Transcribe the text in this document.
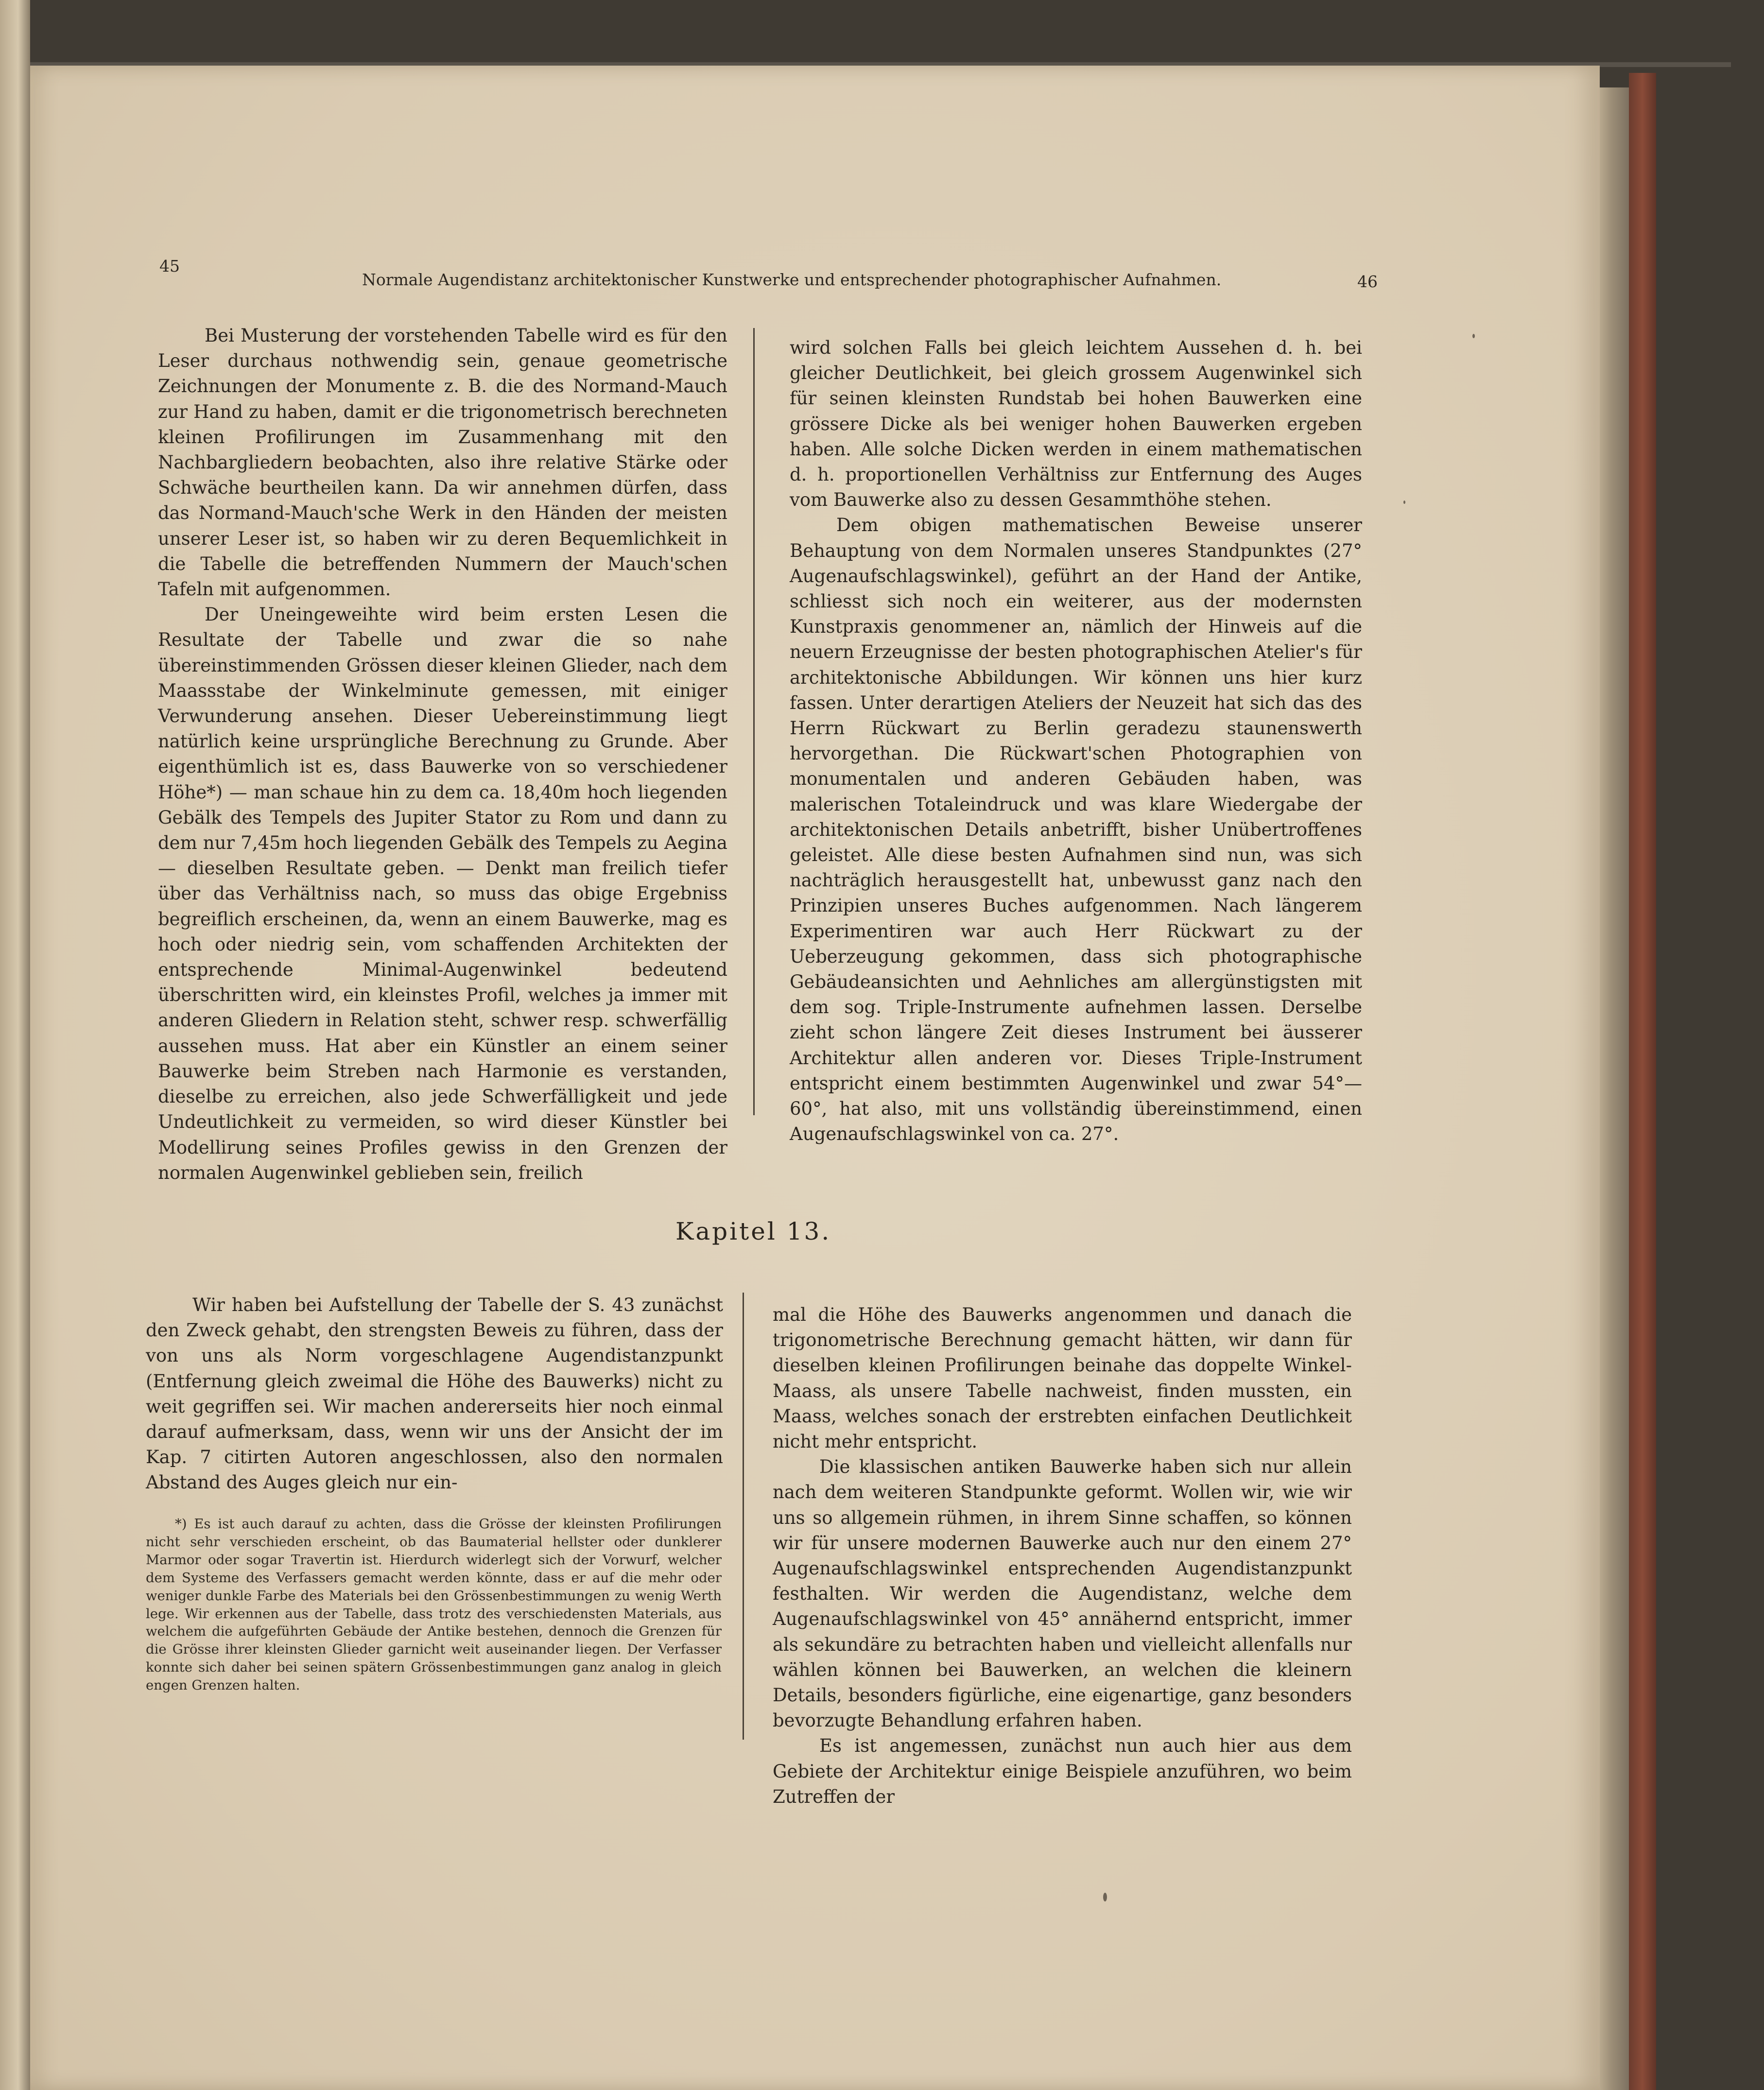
45
Normale Augendistanz architektonischer Kunstwerke und entsprechender photographischer Aufnahmen.	46

Bei Musterung der vorstehenden Tabelle wird es für den Leser durchaus nothwendig sein, genaue geometrische Zeichnungen der Monumente z. B. die des Normand-Mauch zur Hand zu haben, damit er die trigonometrisch berechneten kleinen Profilirungen im Zusammenhang mit den Nachbargliedern beobachten, also ihre relative Stärke oder Schwäche beurtheilen kann. Da wir annehmen dürfen, dass das Normand-Mauch'sche Werk in den Händen der meisten unserer Leser ist, so haben wir zu deren Bequemlichkeit in die Tabelle die betreffenden Nummern der Mauch'schen Tafeln mit aufgenommen.

Der Uneingeweihte wird beim ersten Lesen die Resultate der Tabelle und zwar die so nahe übereinstimmenden Grössen dieser kleinen Glieder, nach dem Maassstabe der Winkelminute gemessen, mit einiger Verwunderung ansehen. Dieser Uebereinstimmung liegt natürlich keine ursprüngliche Berechnung zu Grunde. Aber eigenthümlich ist es, dass Bauwerke von so verschiedener Höhe*) — man schaue hin zu dem ca. 18,40m hoch liegenden Gebälk des Tempels des Jupiter Stator zu Rom und dann zu dem nur 7,45m hoch liegenden Gebälk des Tempels zu Aegina — dieselben Resultate geben. — Denkt man freilich tiefer über das Verhältniss nach, so muss das obige Ergebniss begreiflich erscheinen, da, wenn an einem Bauwerke, mag es hoch oder niedrig sein, vom schaffenden Architekten der entsprechende Minimal-Augenwinkel bedeutend überschritten wird, ein kleinstes Profil, welches ja immer mit anderen Gliedern in Relation steht, schwer resp. schwerfällig aussehen muss. Hat aber ein Künstler an einem seiner Bauwerke beim Streben nach Harmonie es verstanden, dieselbe zu erreichen, also jede Schwerfälligkeit und jede Undeutlichkeit zu vermeiden, so wird dieser Künstler bei Modellirung seines Profiles gewiss in den Grenzen der normalen Augenwinkel geblieben sein, freilich

wird solchen Falls bei gleich leichtem Aussehen d. h. bei gleicher Deutlichkeit, bei gleich grossem Augenwinkel sich für seinen kleinsten Rundstab bei hohen Bauwerken eine grössere Dicke als bei weniger hohen Bauwerken ergeben haben. Alle solche Dicken werden in einem mathematischen d. h. proportionellen Verhältniss zur Entfernung des Auges vom Bauwerke also zu dessen Gesammthöhe stehen.

Dem obigen mathematischen Beweise unserer Behauptung von dem Normalen unseres Standpunktes (27° Augenaufschlagswinkel), geführt an der Hand der Antike, schliesst sich noch ein weiterer, aus der modernsten Kunstpraxis genommener an, nämlich der Hinweis auf die neuern Erzeugnisse der besten photographischen Atelier's für architektonische Abbildungen. Wir können uns hier kurz fassen. Unter derartigen Ateliers der Neuzeit hat sich das des Herrn Rückwart zu Berlin geradezu staunenswerth hervorgethan. Die Rückwart'schen Photographien von monumentalen und anderen Gebäuden haben, was malerischen Totaleindruck und was klare Wiedergabe der architektonischen Details anbetrifft, bisher Unübertroffenes geleistet. Alle diese besten Aufnahmen sind nun, was sich nachträglich herausgestellt hat, unbewusst ganz nach den Prinzipien unseres Buches aufgenommen. Nach längerem Experimentiren war auch Herr Rückwart zu der Ueberzeugung gekommen, dass sich photographische Gebäudeansichten und Aehnliches am allergünstigsten mit dem sog. Triple-Instrumente aufnehmen lassen. Derselbe zieht schon längere Zeit dieses Instrument bei äusserer Architektur allen anderen vor. Dieses Triple-Instrument entspricht einem bestimmten Augenwinkel und zwar 54°—60°, hat also, mit uns vollständig übereinstimmend, einen Augenaufschlagswinkel von ca. 27°.

Kapitel 13.

Wir haben bei Aufstellung der Tabelle der S. 43 zunächst den Zweck gehabt, den strengsten Beweis zu führen, dass der von uns als Norm vorgeschlagene Augendistanzpunkt (Entfernung gleich zweimal die Höhe des Bauwerks) nicht zu weit gegriffen sei. Wir machen andererseits hier noch einmal darauf aufmerksam, dass, wenn wir uns der Ansicht der im Kap. 7 citirten Autoren angeschlossen, also den normalen Abstand des Auges gleich nur ein-

*) Es ist auch darauf zu achten, dass die Grösse der kleinsten Profilirungen nicht sehr verschieden erscheint, ob das Baumaterial hellster oder dunklerer Marmor oder sogar Travertin ist. Hierdurch widerlegt sich der Vorwurf, welcher dem Systeme des Verfassers gemacht werden könnte, dass er auf die mehr oder weniger dunkle Farbe des Materials bei den Grössenbestimmungen zu wenig Werth lege. Wir erkennen aus der Tabelle, dass trotz des verschiedensten Materials, aus welchem die aufgeführten Gebäude der Antike bestehen, dennoch die Grenzen für die Grösse ihrer kleinsten Glieder garnicht weit auseinander liegen. Der Verfasser konnte sich daher bei seinen spätern Grössenbestimmungen ganz analog in gleich engen Grenzen halten.

mal die Höhe des Bauwerks angenommen und danach die trigonometrische Berechnung gemacht hätten, wir dann für dieselben kleinen Profilirungen beinahe das doppelte Winkel-Maass, als unsere Tabelle nachweist, finden mussten, ein Maass, welches sonach der erstrebten einfachen Deutlichkeit nicht mehr entspricht.

Die klassischen antiken Bauwerke haben sich nur allein nach dem weiteren Standpunkte geformt. Wollen wir, wie wir uns so allgemein rühmen, in ihrem Sinne schaffen, so können wir für unsere modernen Bauwerke auch nur den einem 27° Augenaufschlagswinkel entsprechenden Augendistanzpunkt festhalten. Wir werden die Augendistanz, welche dem Augenaufschlagswinkel von 45° annähernd entspricht, immer als sekundäre zu betrachten haben und vielleicht allenfalls nur wählen können bei Bauwerken, an welchen die kleinern Details, besonders figürliche, eine eigenartige, ganz besonders bevorzugte Behandlung erfahren haben.

Es ist angemessen, zunächst nun auch hier aus dem Gebiete der Architektur einige Beispiele anzuführen, wo beim Zutreffen der
